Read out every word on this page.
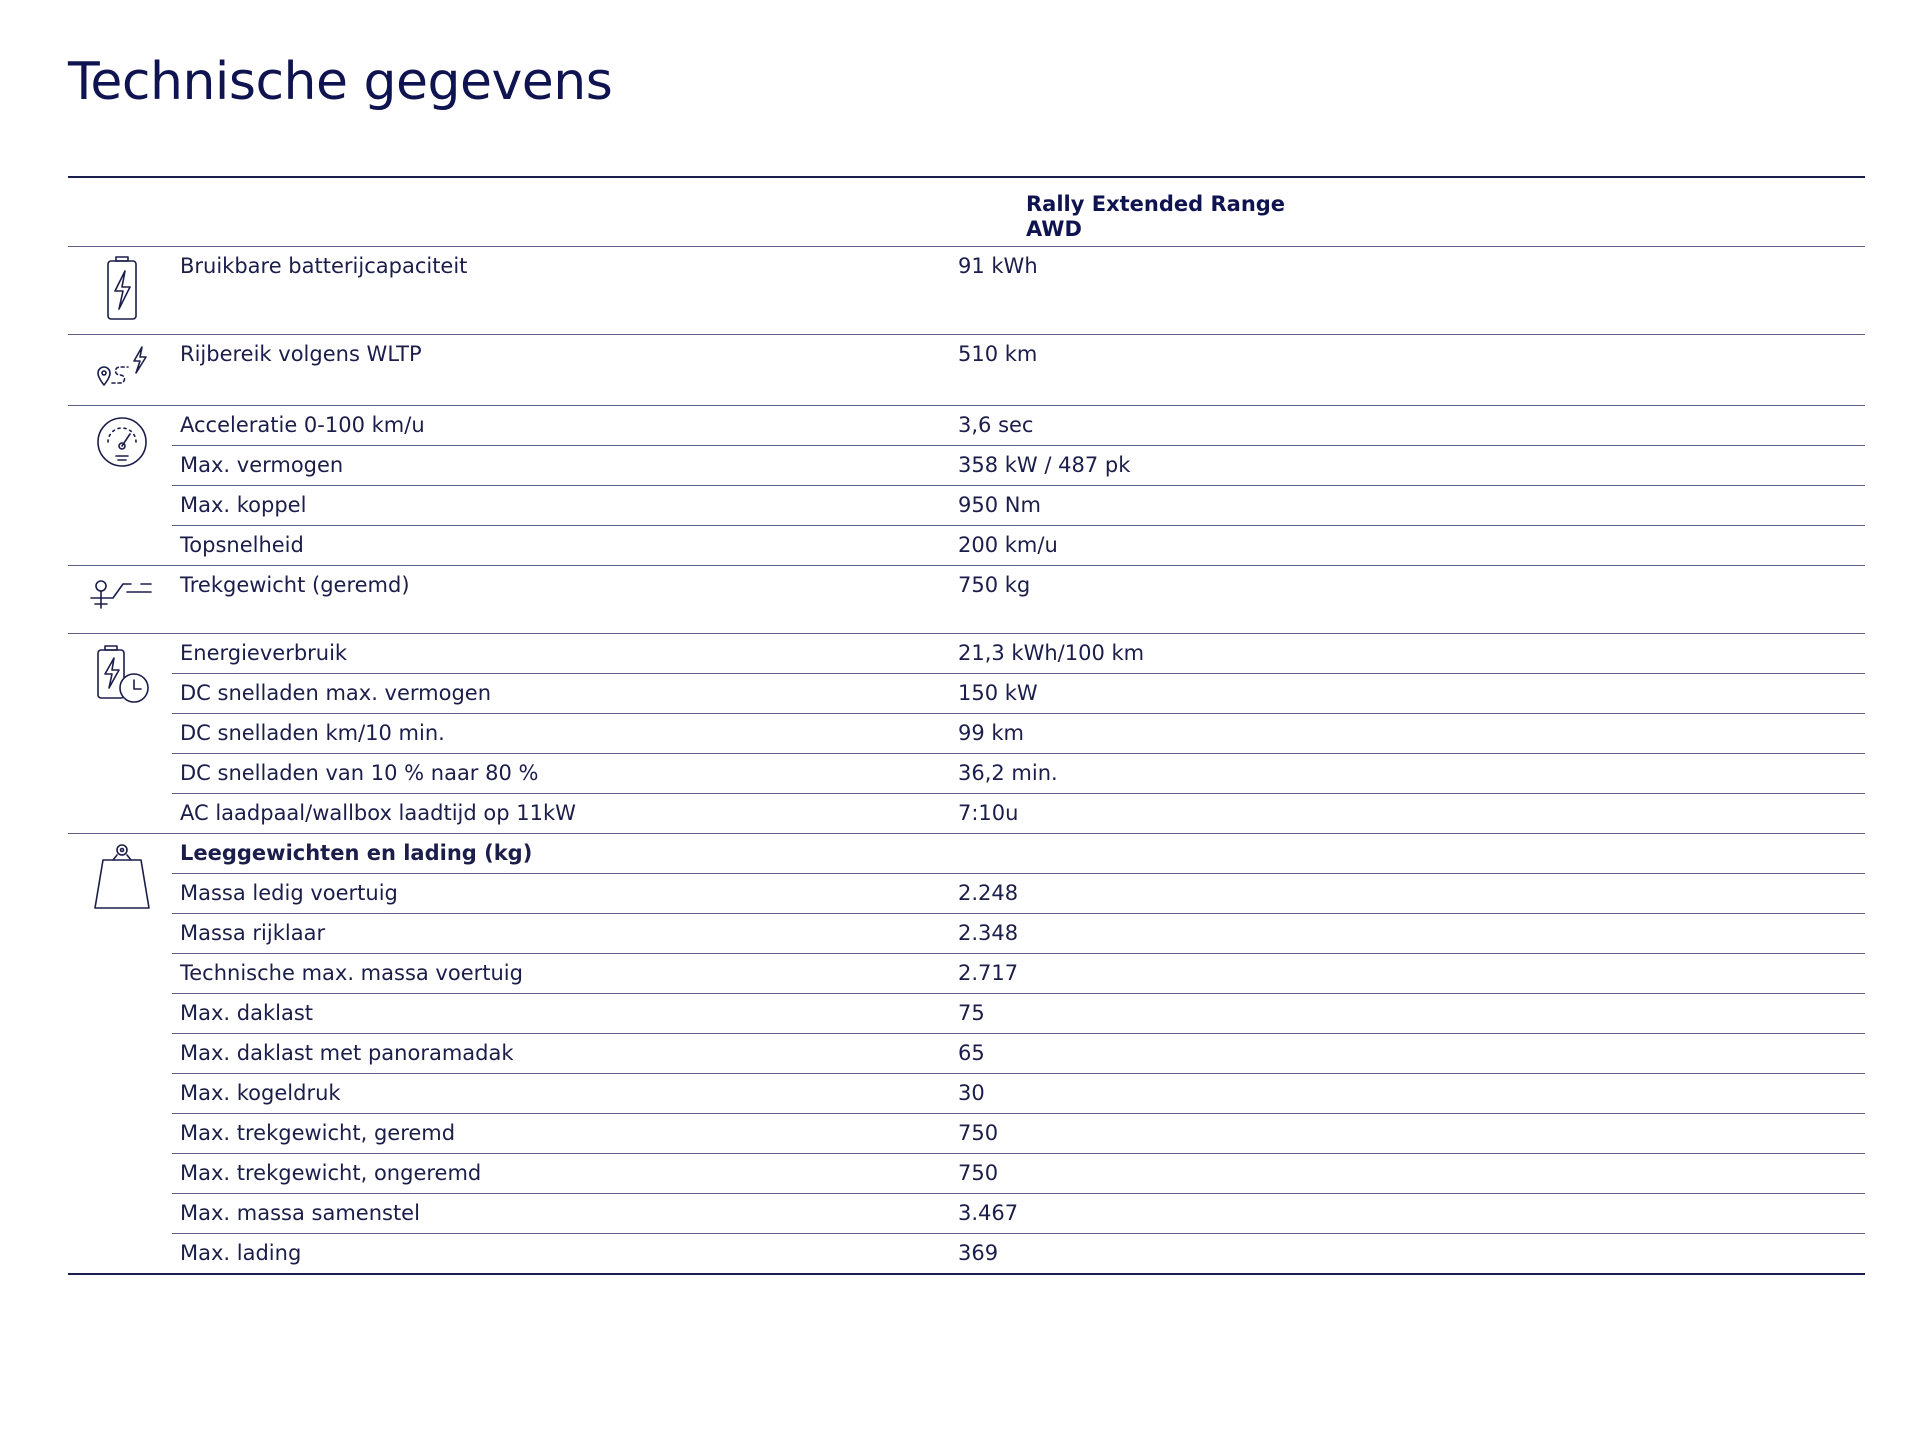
Technische gegevens
Rally Extended Range
AWD
Bruikbare batterijcapaciteit	91 kWh
Rijbereik volgens WLTP	510 km
Acceleratie 0-100 km/u	3,6 sec
Max. vermogen	358 kW / 487 pk
Max. koppel	950 Nm
Topsnelheid	200 km/u
Trekgewicht (geremd)	750 kg
Energieverbruik	21,3 kWh/100 km
DC snelladen max. vermogen	150 kW
DC snelladen km/10 min.	99 km
DC snelladen van 10 % naar 80 %	36,2 min.
AC laadpaal/wallbox laadtijd op 11kW	7:10u
Leeggewichten en lading (kg)
Massa ledig voertuig	2.248
Massa rijklaar	2.348
Technische max. massa voertuig	2.717
Max. daklast	75
Max. daklast met panoramadak	65
Max. kogeldruk	30
Max. trekgewicht, geremd	750
Max. trekgewicht, ongeremd	750
Max. massa samenstel	3.467
Max. lading	369
